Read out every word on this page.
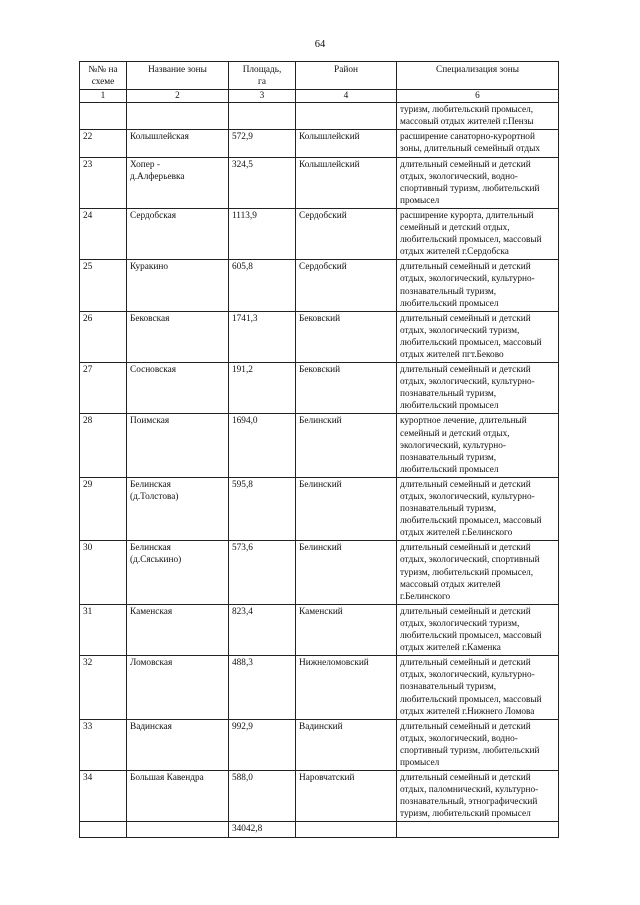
64
№№ на
схеме	Название зоны	Площадь,
га	Район	Специализация зоны

1	2	3	4	6

				туризм, любительский промысел,
массовый отдых жителей г.Пензы

22	Колышлейская	572,9	Колышлейский	расширение санаторно-курортной
зоны, длительный семейный отдых

23	Хопер -
д.Алферьевка	324,5	Колышлейский	длительный семейный и детский
отдых, экологический, водно-
спортивный туризм, любительский
промысел

24	Сердобская	1113,9	Сердобский	расширение курорта, длительный
семейный и детский отдых,
любительский промысел, массовый
отдых жителей г.Сердобска

25	Куракино	605,8	Сердобский	длительный семейный и детский
отдых, экологический, культурно-
познавательный туризм,
любительский промысел

26	Бековская	1741,3	Бековский	длительный семейный и детский
отдых, экологический туризм,
любительский промысел, массовый
отдых жителей пгт.Беково

27	Сосновская	191,2	Бековский	длительный семейный и детский
отдых, экологический, культурно-
познавательный туризм,
любительский промысел

28	Поимская	1694,0	Белинский	курортное лечение, длительный
семейный и детский отдых,
экологический, культурно-
познавательный туризм,
любительский промысел

29	Белинская
(д.Толстова)	595,8	Белинский	длительный семейный и детский
отдых, экологический, культурно-
познавательный туризм,
любительский промысел, массовый
отдых жителей г.Белинского

30	Белинская
(д.Сяськино)	573,6	Белинский	длительный семейный и детский
отдых, экологический, спортивный
туризм, любительский промысел,
массовый отдых жителей
г.Белинского

31	Каменская	823,4	Каменский	длительный семейный и детский
отдых, экологический туризм,
любительский промысел, массовый
отдых жителей г.Каменка

32	Ломовская	488,3	Нижнеломовский	длительный семейный и детский
отдых, экологический, культурно-
познавательный туризм,
любительский промысел, массовый
отдых жителей г.Нижнего Ломова

33	Вадинская	992,9	Вадинский	длительный семейный и детский
отдых, экологический, водно-
спортивный туризм, любительский
промысел

34	Большая Кавендра	588,0	Наровчатский	длительный семейный и детский
отдых, паломнический, культурно-
познавательный, этнографический
туризм, любительский промысел

		34042,8		
